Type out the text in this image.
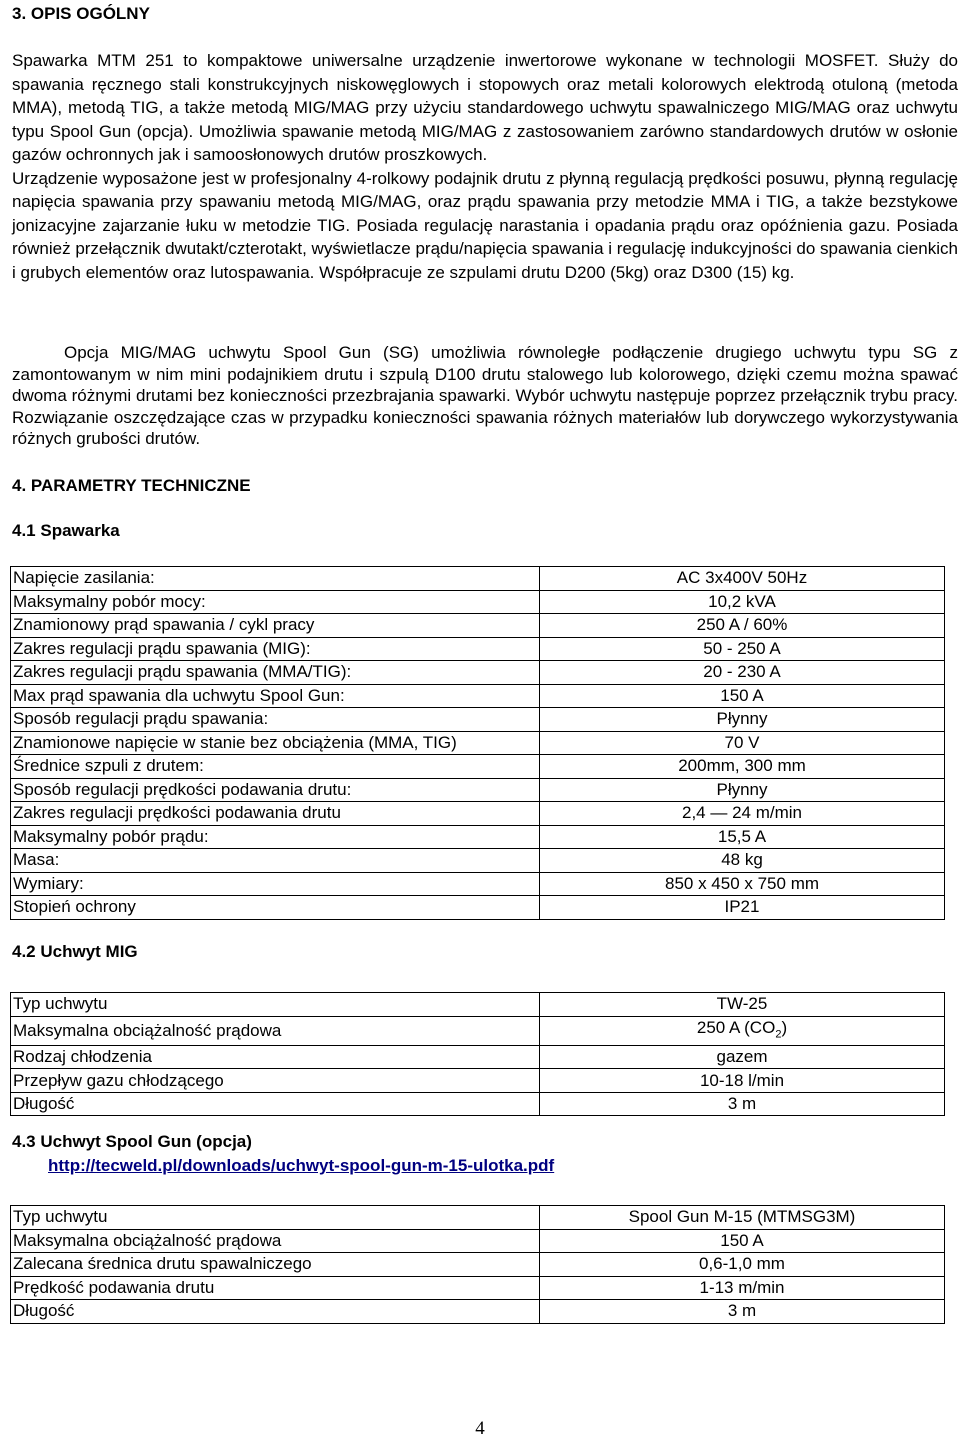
3. OPIS OGÓLNY

Spawarka MTM 251 to kompaktowe uniwersalne urządzenie inwertorowe wykonane w technologii MOSFET. Służy do spawania ręcznego stali konstrukcyjnych niskowęglowych i stopowych oraz metali kolorowych elektrodą otuloną (metoda MMA), metodą TIG, a także metodą MIG/MAG przy użyciu standardowego uchwytu spawalniczego MIG/MAG oraz uchwytu typu Spool Gun (opcja). Umożliwia spawanie metodą MIG/MAG z zastosowaniem zarówno standardowych drutów w osłonie gazów ochronnych jak i samoosłonowych drutów proszkowych.

Urządzenie wyposażone jest w profesjonalny 4-rolkowy podajnik drutu z płynną regulacją prędkości posuwu, płynną regulację napięcia spawania przy spawaniu metodą MIG/MAG, oraz prądu spawania przy metodzie MMA i TIG, a także bezstykowe jonizacyjne zajarzanie łuku w metodzie TIG. Posiada regulację narastania i opadania prądu oraz opóźnienia gazu. Posiada również przełącznik dwutakt/czterotakt, wyświetlacze prądu/napięcia spawania i regulację indukcyjności do spawania cienkich i grubych elementów oraz lutospawania. Współpracuje ze szpulami drutu D200 (5kg) oraz D300 (15) kg.

Opcja MIG/MAG uchwytu Spool Gun (SG) umożliwia równoległe podłączenie drugiego uchwytu typu SG z zamontowanym w nim mini podajnikiem drutu i szpulą D100 drutu stalowego lub kolorowego, dzięki czemu można spawać dwoma różnymi drutami bez konieczności przezbrajania spawarki. Wybór uchwytu następuje poprzez przełącznik trybu pracy. Rozwiązanie oszczędzające czas w przypadku konieczności spawania różnych materiałów lub dorywczego wykorzystywania różnych grubości drutów.

4. PARAMETRY TECHNICZNE
4.1 Spawarka
Napięcie zasilania:	AC 3x400V 50Hz
Maksymalny pobór mocy:	10,2 kVA
Znamionowy prąd spawania / cykl pracy	250 A / 60%
Zakres regulacji prądu spawania (MIG):	50 - 250 A
Zakres regulacji prądu spawania (MMA/TIG):	20 - 230 A
Max prąd spawania dla uchwytu Spool Gun:	150 A
Sposób regulacji prądu spawania:	Płynny
Znamionowe napięcie w stanie bez obciążenia (MMA, TIG)	70 V
Średnice szpuli z drutem:	200mm, 300 mm
Sposób regulacji prędkości podawania drutu:	Płynny
Zakres regulacji prędkości podawania drutu	2,4 — 24 m/min
Maksymalny pobór prądu:	15,5 A
Masa:	48 kg
Wymiary:	850 x 450 x 750 mm
Stopień ochrony	IP21
4.2 Uchwyt MIG
Typ uchwytu	TW-25
Maksymalna obciążalność prądowa	250 A $(CO_2)$
Rodzaj chłodzenia	gazem
Przepływ gazu chłodzącego	10-18 l/min
Długość	3 m
4.3 Uchwyt Spool Gun (opcja)
http://tecweld.pl/downloads/uchwyt-spool-gun-m-15-ulotka.pdf
Typ uchwytu	Spool Gun M-15 (MTMSG3M)
Maksymalna obciążalność prądowa	150 A
Zalecana średnica drutu spawalniczego	0,6-1,0 mm
Prędkość podawania drutu	1-13 m/min
Długość	3 m
4
